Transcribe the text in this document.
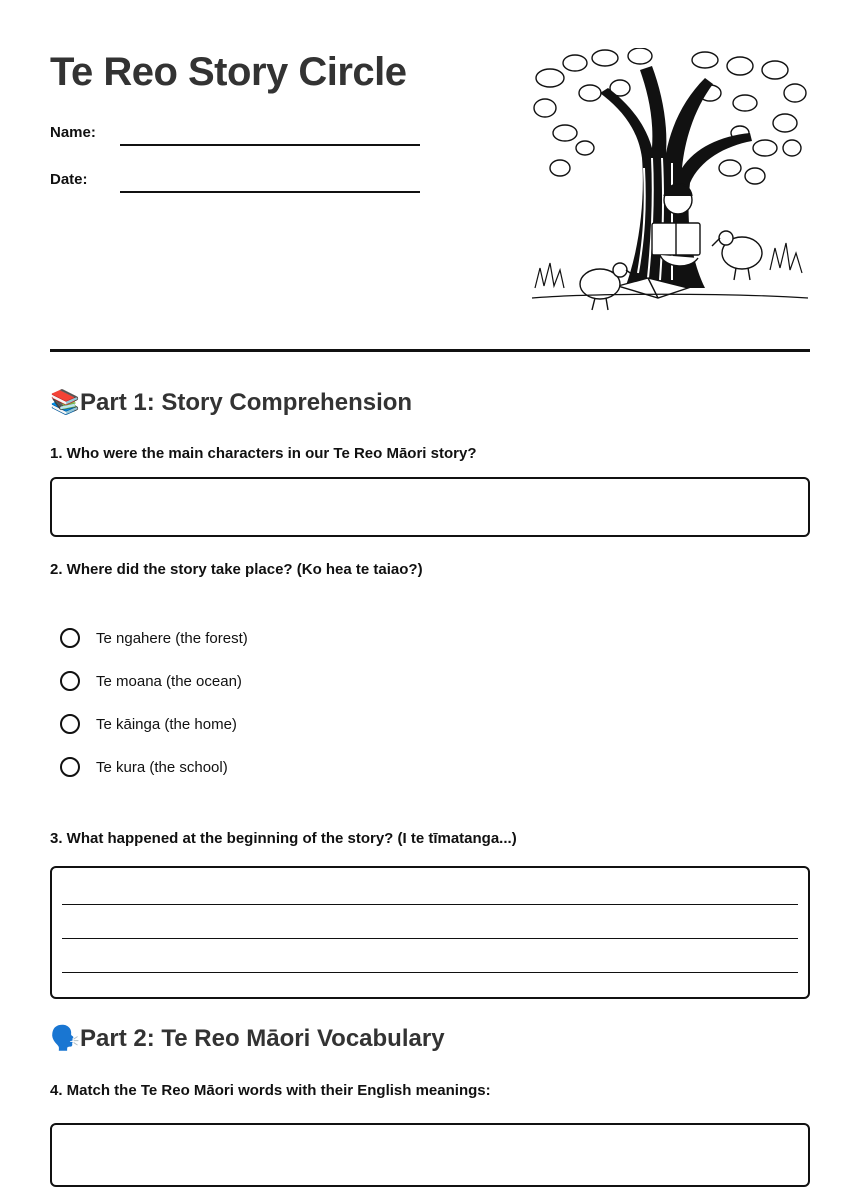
Te Reo Story Circle
Name:
Date:
📚Part 1: Story Comprehension
1. Who were the main characters in our Te Reo Māori story?
2. Where did the story take place? (Ko hea te taiao?)
Te ngahere (the forest)
Te moana (the ocean)
Te kāinga (the home)
Te kura (the school)
3. What happened at the beginning of the story? (I te tīmatanga...)
🗣️Part 2: Te Reo Māori Vocabulary
4. Match the Te Reo Māori words with their English meanings:
